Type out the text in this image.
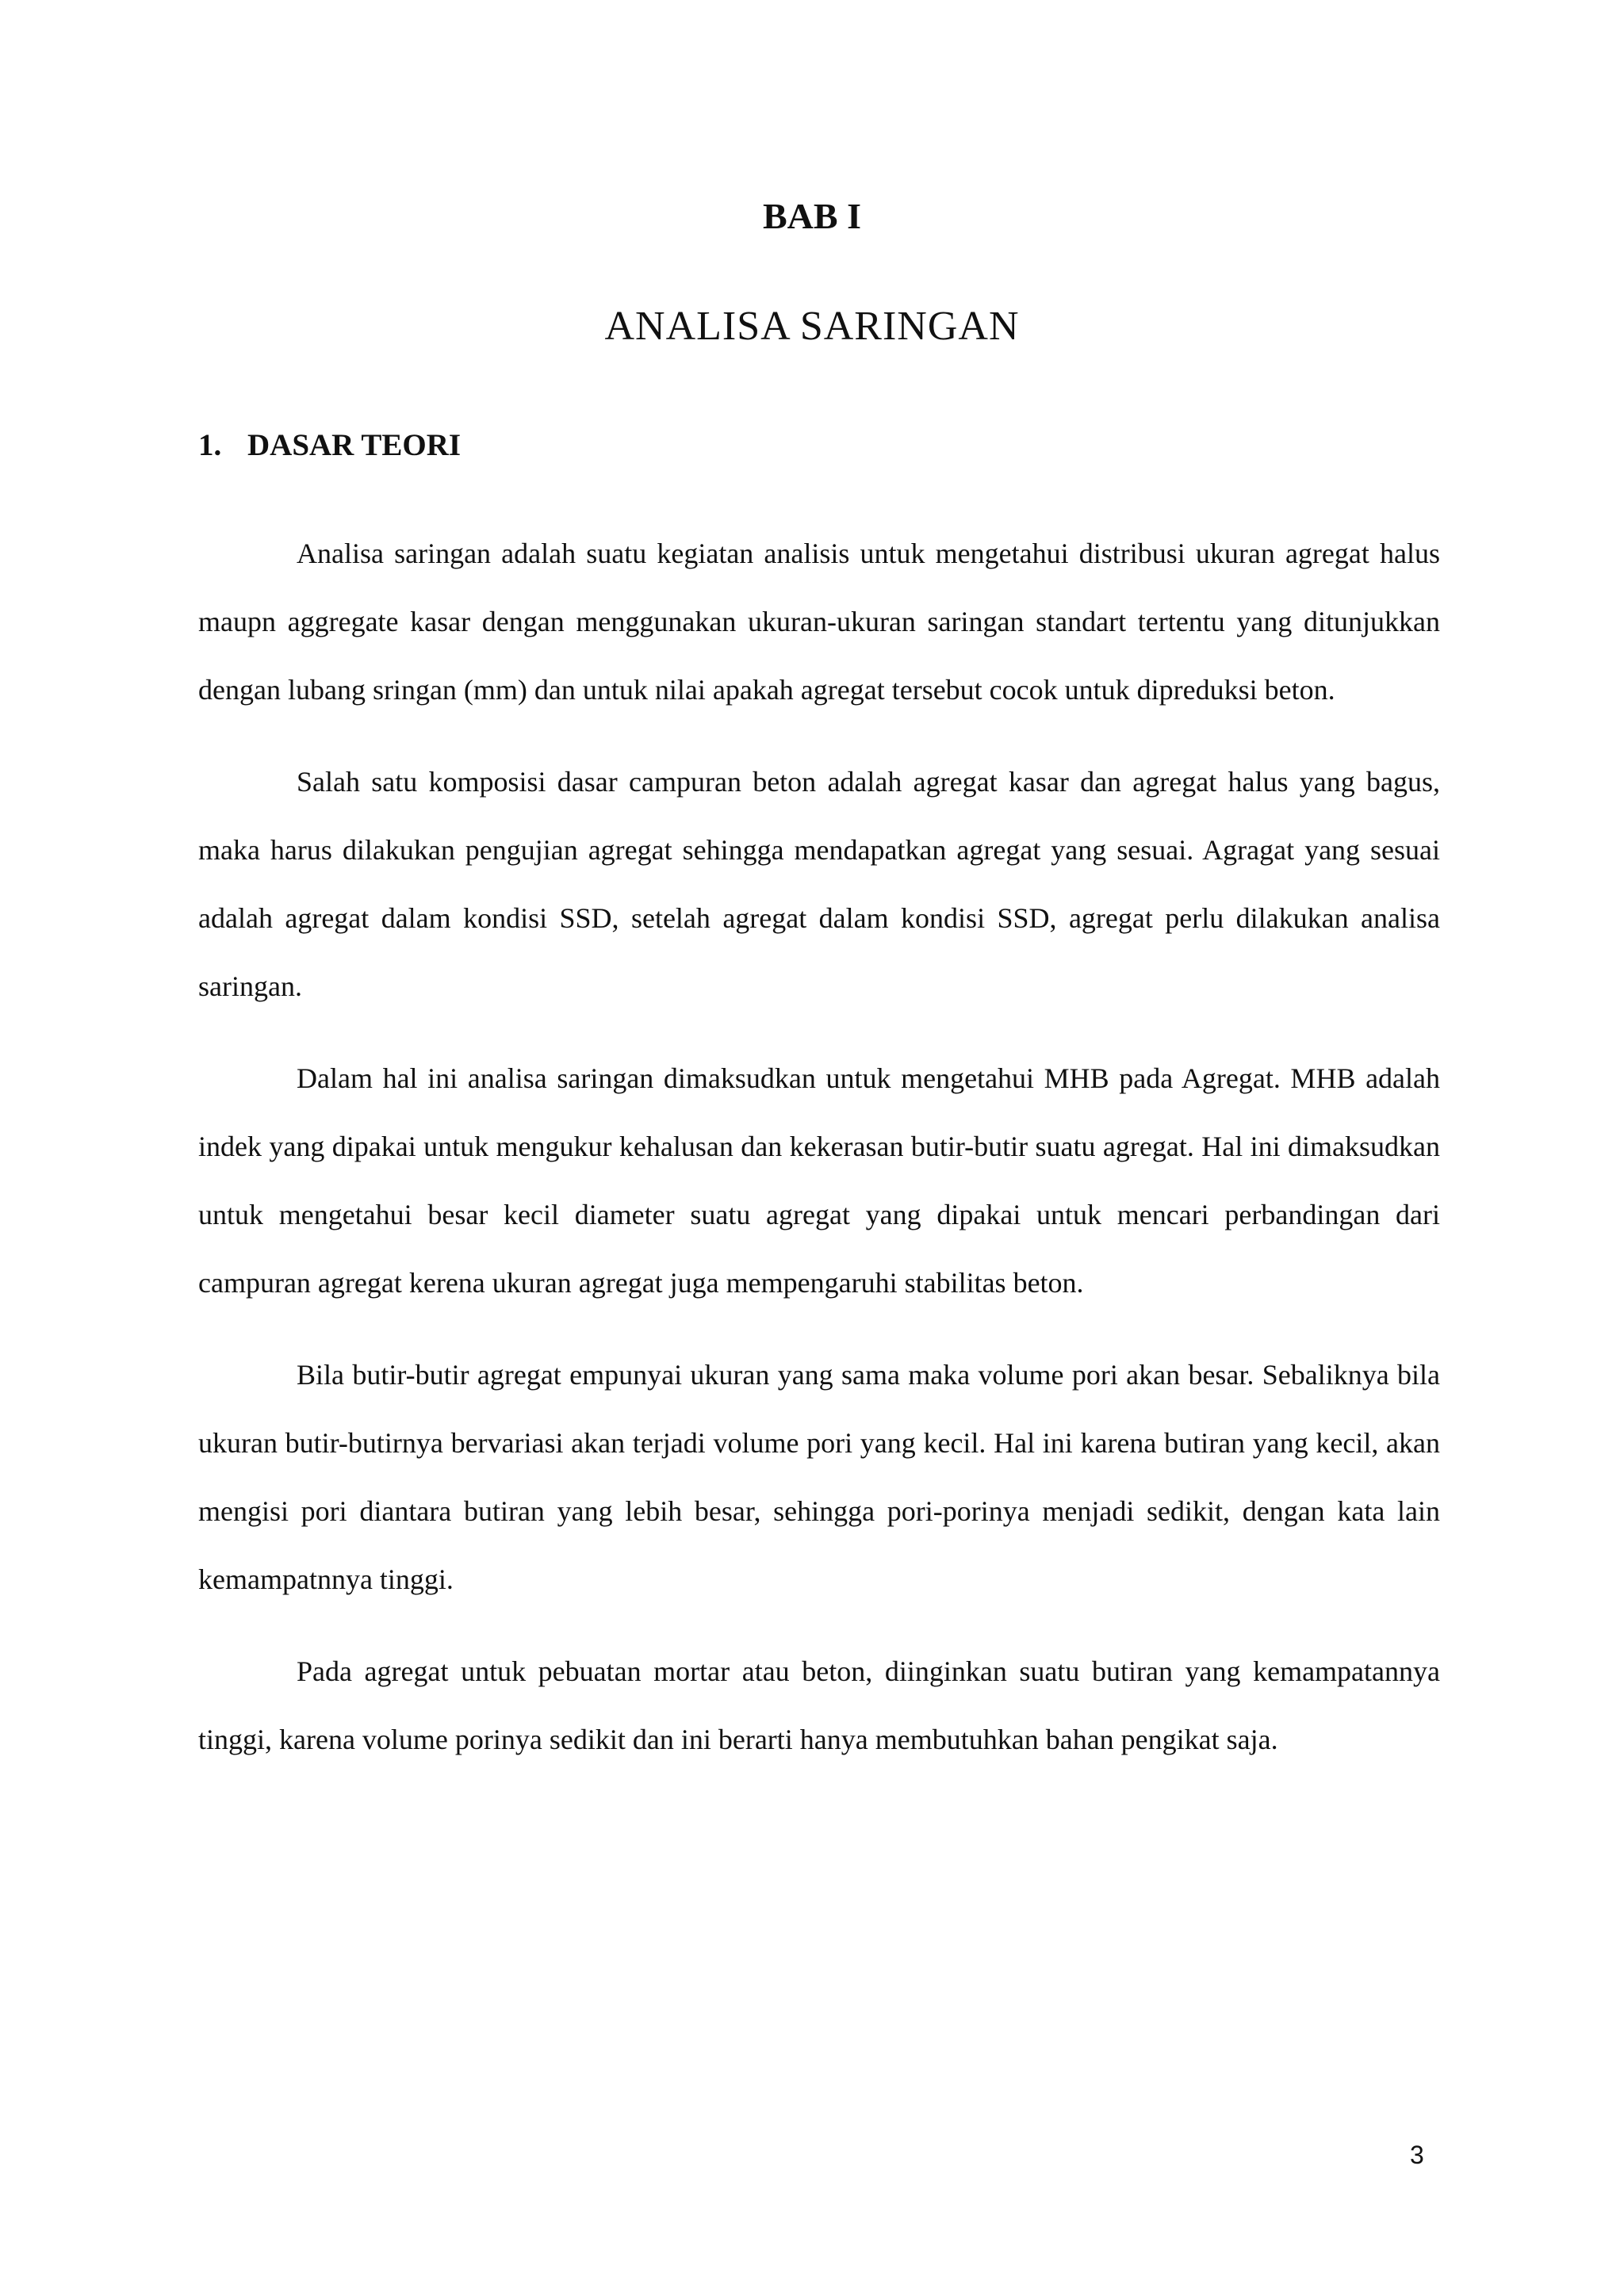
BAB I
ANALISA SARINGAN
1. DASAR TEORI

Analisa saringan adalah suatu kegiatan analisis untuk mengetahui distribusi ukuran agregat halus maupn aggregate kasar dengan menggunakan ukuran-ukuran saringan standart tertentu yang ditunjukkan dengan lubang sringan (mm) dan untuk nilai apakah agregat tersebut cocok untuk dipreduksi beton.

Salah satu komposisi dasar campuran beton adalah agregat kasar dan agregat halus yang bagus, maka harus dilakukan pengujian agregat sehingga mendapatkan agregat yang sesuai. Agragat yang sesuai adalah agregat dalam kondisi SSD, setelah agregat dalam kondisi SSD, agregat perlu dilakukan analisa saringan.

Dalam hal ini analisa saringan dimaksudkan untuk mengetahui MHB pada Agregat. MHB adalah indek yang dipakai untuk mengukur kehalusan dan kekerasan butir-butir suatu agregat. Hal ini dimaksudkan untuk mengetahui besar kecil diameter suatu agregat yang dipakai untuk mencari perbandingan dari campuran agregat kerena ukuran agregat juga mempengaruhi stabilitas beton.

Bila butir-butir agregat empunyai ukuran yang sama maka volume pori akan besar. Sebaliknya bila ukuran butir-butirnya bervariasi akan terjadi volume pori yang kecil. Hal ini karena butiran yang kecil, akan mengisi pori diantara butiran yang lebih besar, sehingga pori-porinya menjadi sedikit, dengan kata lain kemampatnnya tinggi.

Pada agregat untuk pebuatan mortar atau beton, diinginkan suatu butiran yang kemampatannya tinggi, karena volume porinya sedikit dan ini berarti hanya membutuhkan bahan pengikat saja.

3
